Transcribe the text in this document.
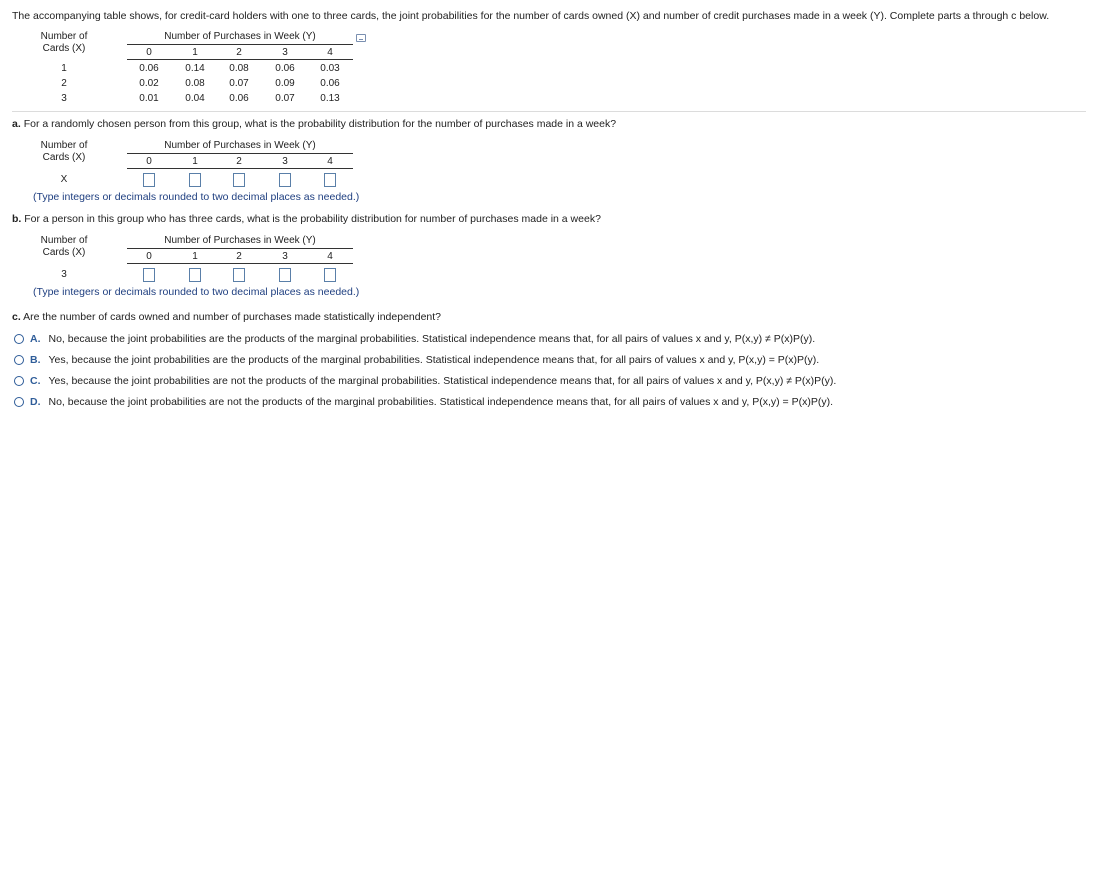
The accompanying table shows, for credit-card holders with one to three cards, the joint probabilities for the number of cards owned (X) and number of credit purchases made in a week (Y). Complete parts a through c below.
Number of
Cards (X)
Number of Purchases in Week (Y)
0	1	2	3	4
1	0.06	0.14	0.08	0.06	0.03
2	0.02	0.08	0.07	0.09	0.06
3	0.01	0.04	0.06	0.07	0.13
a. For a randomly chosen person from this group, what is the probability distribution for the number of purchases made in a week?
Number of
Cards (X)
Number of Purchases in Week (Y)
0	1	2	3	4
X
(Type integers or decimals rounded to two decimal places as needed.)
b. For a person in this group who has three cards, what is the probability distribution for number of purchases made in a week?
Number of
Cards (X)
Number of Purchases in Week (Y)
0	1	2	3	4
3
(Type integers or decimals rounded to two decimal places as needed.)
c. Are the number of cards owned and number of purchases made statistically independent?
A. No, because the joint probabilities are the products of the marginal probabilities. Statistical independence means that, for all pairs of values x and y, P(x,y) ≠ P(x)P(y).
B. Yes, because the joint probabilities are the products of the marginal probabilities. Statistical independence means that, for all pairs of values x and y, P(x,y) = P(x)P(y).
C. Yes, because the joint probabilities are not the products of the marginal probabilities. Statistical independence means that, for all pairs of values x and y, P(x,y) ≠ P(x)P(y).
D. No, because the joint probabilities are not the products of the marginal probabilities. Statistical independence means that, for all pairs of values x and y, P(x,y) = P(x)P(y).
